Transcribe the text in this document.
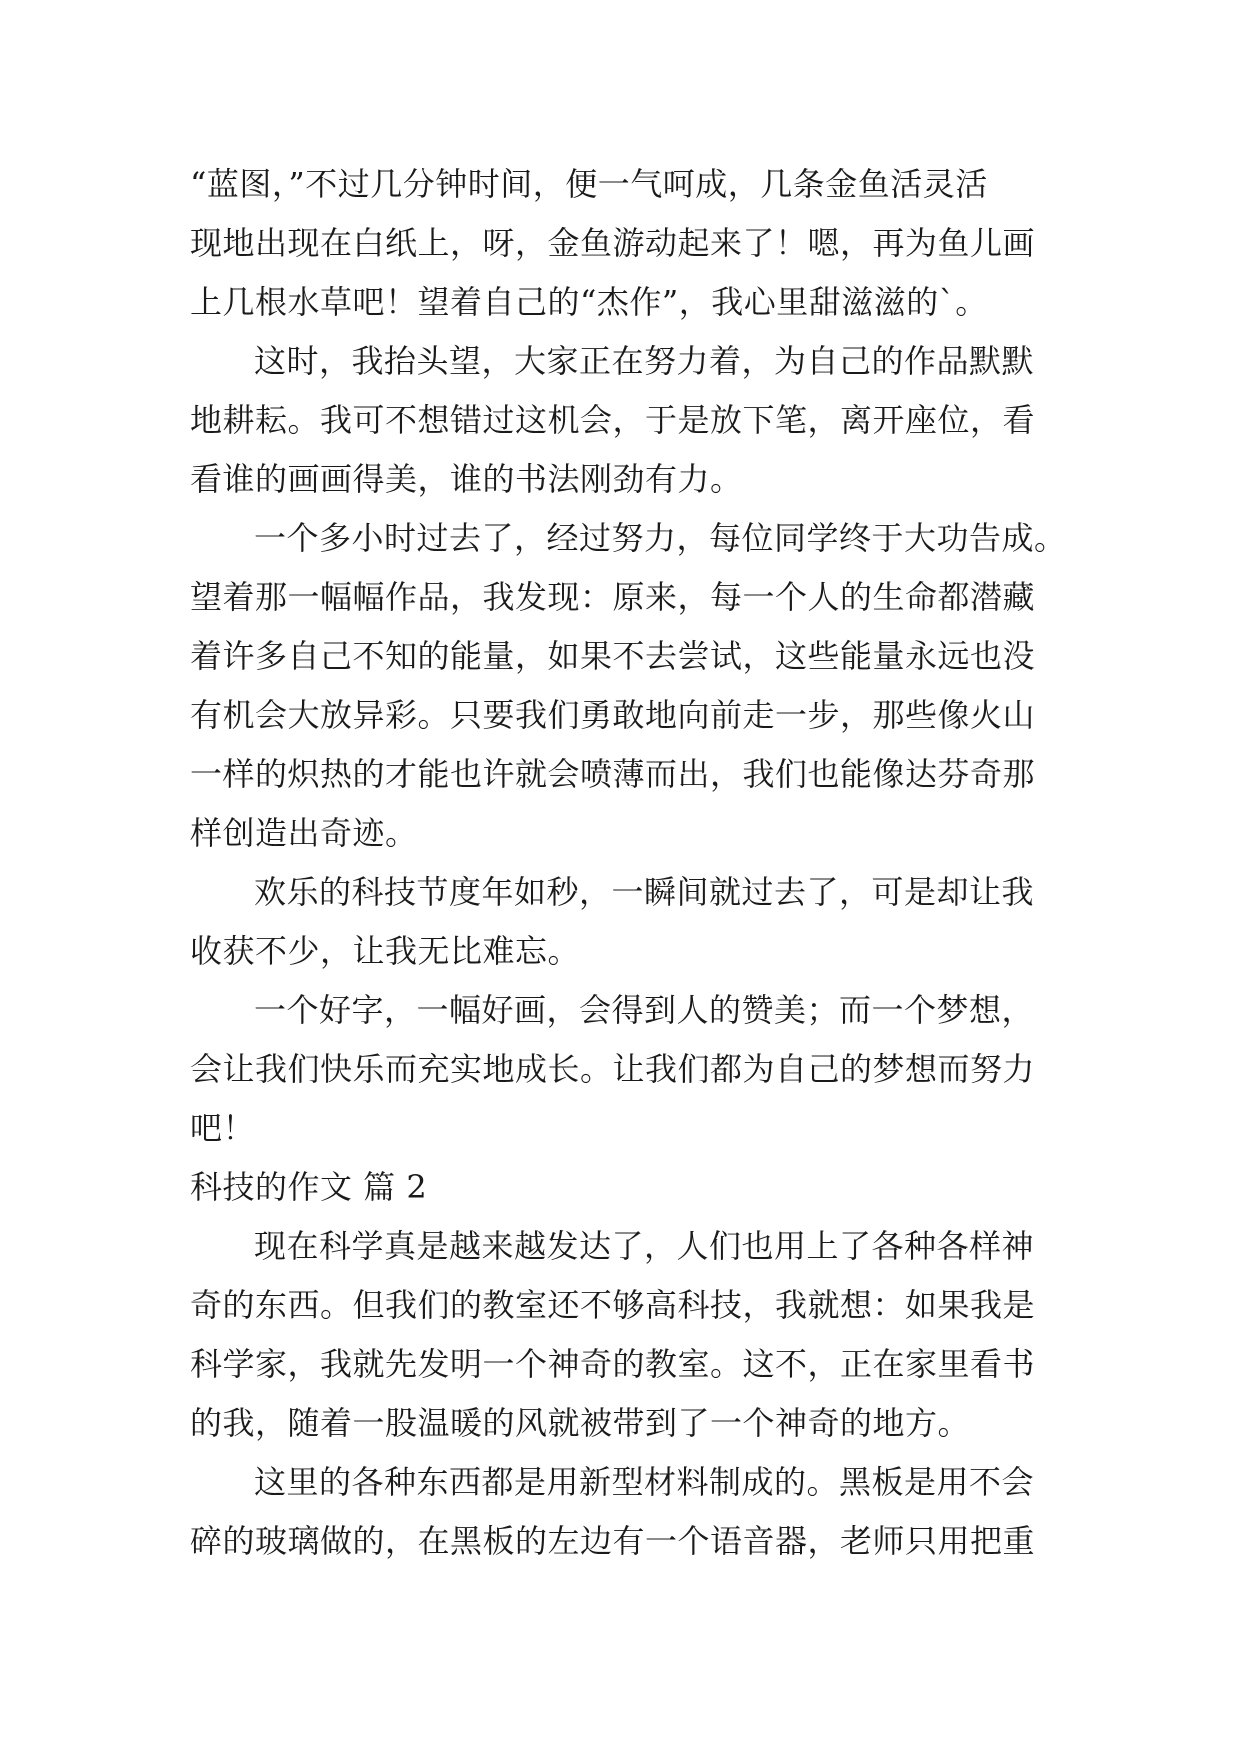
“蓝图，”不过几分钟时间，便一气呵成，几条金鱼活灵活
现地出现在白纸上，呀，金鱼游动起来了！嗯，再为鱼儿画
上几根水草吧！望着自己的“杰作”，我心里甜滋滋的`。
这时，我抬头望，大家正在努力着，为自己的作品默默
地耕耘。我可不想错过这机会，于是放下笔，离开座位，看
看谁的画画得美，谁的书法刚劲有力。
一个多小时过去了，经过努力，每位同学终于大功告成。
望着那一幅幅作品，我发现：原来，每一个人的生命都潜藏
着许多自己不知的能量，如果不去尝试，这些能量永远也没
有机会大放异彩。只要我们勇敢地向前走一步，那些像火山
一样的炽热的才能也许就会喷薄而出，我们也能像达芬奇那
样创造出奇迹。
欢乐的科技节度年如秒，一瞬间就过去了，可是却让我
收获不少，让我无比难忘。
一个好字，一幅好画，会得到人的赞美；而一个梦想，
会让我们快乐而充实地成长。让我们都为自己的梦想而努力
吧！
科技的作文 篇 2
现在科学真是越来越发达了，人们也用上了各种各样神
奇的东西。但我们的教室还不够高科技，我就想：如果我是
科学家，我就先发明一个神奇的教室。这不，正在家里看书
的我，随着一股温暖的风就被带到了一个神奇的地方。
这里的各种东西都是用新型材料制成的。黑板是用不会
碎的玻璃做的，在黑板的左边有一个语音器，老师只用把重
